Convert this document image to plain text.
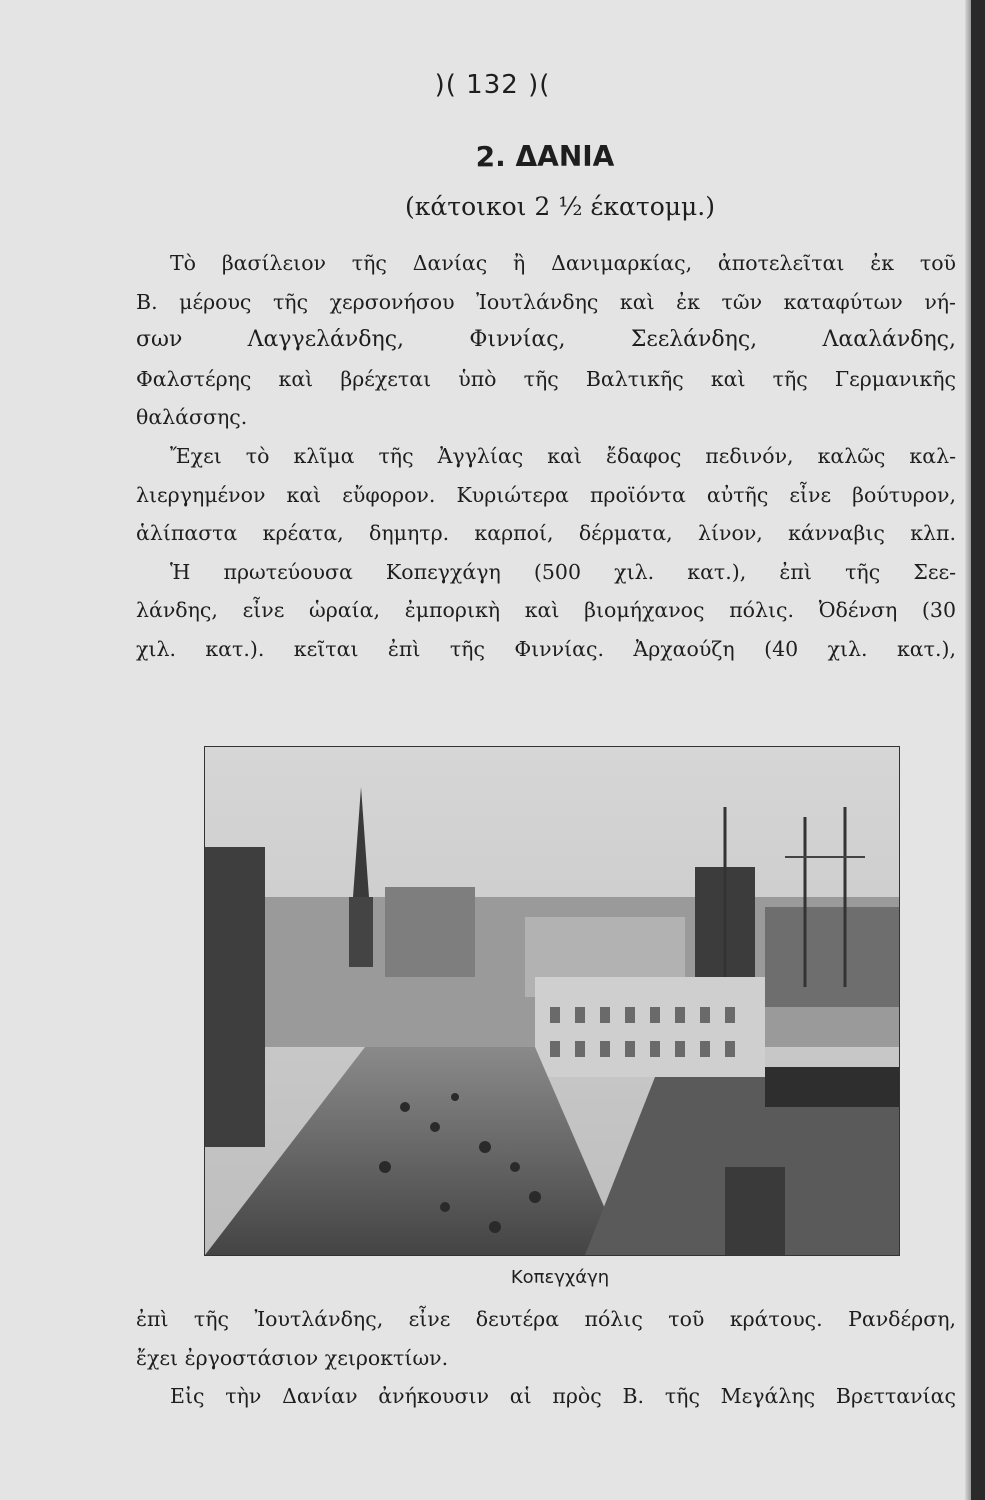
)( 132 )(
2. ΔΑΝΙΑ
(κάτοικοι 2 ½ έκατομμ.)
Τὸ βασίλειον τῆς Δανίας ἢ Δανιμαρκίας, ἀποτελεῖται ἐκ τοῦ
Β. μέρους τῆς χερσονήσου Ἰουτλάνδης καὶ ἐκ τῶν καταφύτων νή-
σων Λαγγελάνδης, Φιννίας, Σεελάνδης, Λααλάνδης,
Φαλστέρης καὶ βρέχεται ὑπὸ τῆς Βαλτικῆς καὶ τῆς Γερμανικῆς
θαλάσσης.
Ἔχει τὸ κλῖμα τῆς Ἀγγλίας καὶ ἔδαφος πεδινόν, καλῶς καλ-
λιεργημένον καὶ εὔφορον. Κυριώτερα προϊόντα αὐτῆς εἶνε βούτυρον,
ἁλίπαστα κρέατα, δημητρ. καρποί, δέρματα, λίνον, κάνναβις κλπ.
Ἡ πρωτεύουσα Κοπεγχάγη (500 χιλ. κατ.), ἐπὶ τῆς Σεε-
λάνδης, εἶνε ὡραία, ἐμπορικὴ καὶ βιομήχανος πόλις. Ὀδένση (30
χιλ. κατ.). κεῖται ἐπὶ τῆς Φιννίας. Ἀρχαούζη (40 χιλ. κατ.),
Κοπεγχάγη
ἐπὶ τῆς Ἰουτλάνδης, εἶνε δευτέρα πόλις τοῦ κράτους. Ρανδέρση,
ἔχει ἐργοστάσιον χειροκτίων.
Εἰς τὴν Δανίαν ἀνήκουσιν αἱ πρὸς Β. τῆς Μεγάλης Βρεττανίας
